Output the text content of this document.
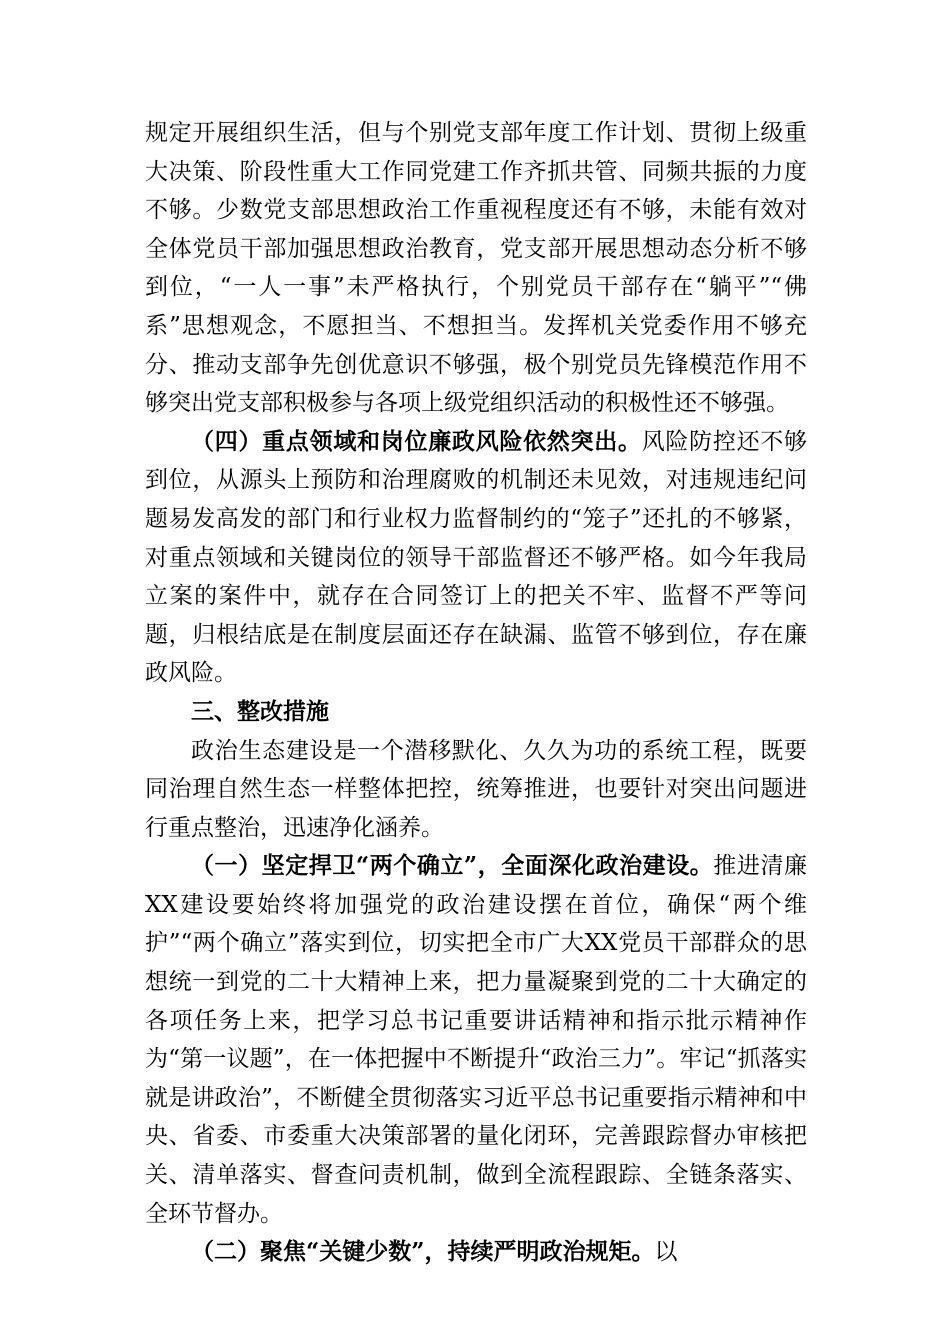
规定开展组织生活，但与个别党支部年度工作计划、贯彻上级重大决策、阶段性重大工作同党建工作齐抓共管、同频共振的力度不够。少数党支部思想政治工作重视程度还有不够，未能有效对全体党员干部加强思想政治教育，党支部开展思想动态分析不够到位，“一人一事”未严格执行，个别党员干部存在“躺平”“佛系”思想观念，不愿担当、不想担当。发挥机关党委作用不够充分、推动支部争先创优意识不够强，极个别党员先锋模范作用不够突出党支部积极参与各项上级党组织活动的积极性还不够强。

（四）重点领域和岗位廉政风险依然突出。风险防控还不够到位，从源头上预防和治理腐败的机制还未见效，对违规违纪问题易发高发的部门和行业权力监督制约的“笼子”还扎的不够紧，对重点领域和关键岗位的领导干部监督还不够严格。如今年我局立案的案件中，就存在合同签订上的把关不牢、监督不严等问题，归根结底是在制度层面还存在缺漏、监管不够到位，存在廉政风险。

三、整改措施

政治生态建设是一个潜移默化、久久为功的系统工程，既要同治理自然生态一样整体把控，统筹推进，也要针对突出问题进行重点整治，迅速净化涵养。

（一）坚定捍卫“两个确立”，全面深化政治建设。推进清廉XX建设要始终将加强党的政治建设摆在首位，确保“两个维护”“两个确立”落实到位，切实把全市广大XX党员干部群众的思想统一到党的二十大精神上来，把力量凝聚到党的二十大确定的各项任务上来，把学习总书记重要讲话精神和指示批示精神作为“第一议题”，在一体把握中不断提升“政治三力”。牢记“抓落实就是讲政治”，不断健全贯彻落实习近平总书记重要指示精神和中央、省委、市委重大决策部署的量化闭环，完善跟踪督办审核把关、清单落实、督查问责机制，做到全流程跟踪、全链条落实、全环节督办。

（二）聚焦“关键少数”，持续严明政治规矩。以
